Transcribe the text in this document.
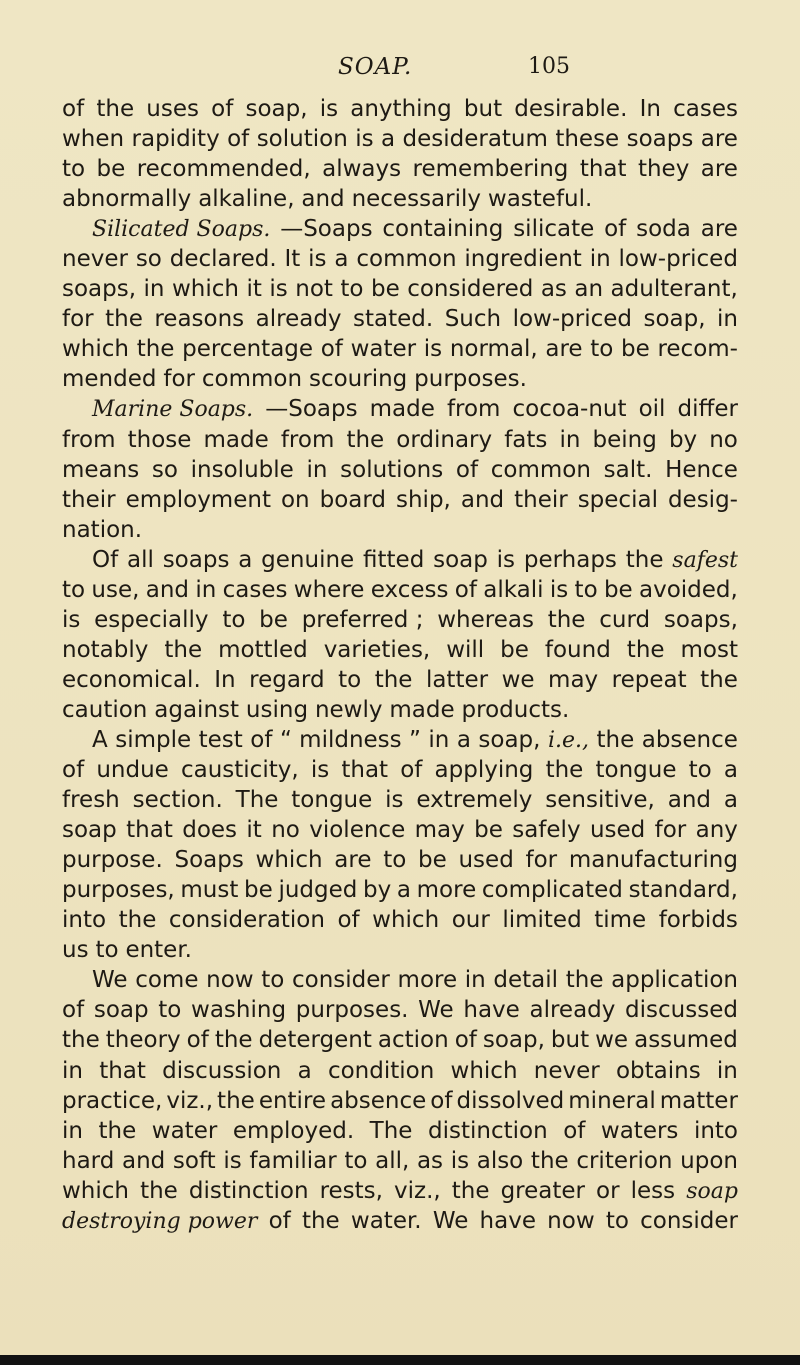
SOAP.	105
of the uses of soap, is anything but desirable. In cases
when rapidity of solution is a desideratum these soaps are
to be recommended, always remembering that they are
abnormally alkaline, and necessarily wasteful.
Silicated Soaps. —Soaps containing silicate of soda are
never so declared. It is a common ingredient in low-priced
soaps, in which it is not to be considered as an adulterant,
for the reasons already stated. Such low-priced soap, in
which the percentage of water is normal, are to be recom-
mended for common scouring purposes.
Marine Soaps. —Soaps made from cocoa-nut oil differ
from those made from the ordinary fats in being by no
means so insoluble in solutions of common salt. Hence
their employment on board ship, and their special desig-
nation.
Of all soaps a genuine fitted soap is perhaps the safest
to use, and in cases where excess of alkali is to be avoided,
is especially to be preferred ; whereas the curd soaps,
notably the mottled varieties, will be found the most
economical. In regard to the latter we may repeat the
caution against using newly made products.
A simple test of “ mildness ” in a soap, i.e., the absence
of undue causticity, is that of applying the tongue to a
fresh section. The tongue is extremely sensitive, and a
soap that does it no violence may be safely used for any
purpose. Soaps which are to be used for manufacturing
purposes, must be judged by a more complicated standard,
into the consideration of which our limited time forbids
us to enter.
We come now to consider more in detail the application
of soap to washing purposes. We have already discussed
the theory of the detergent action of soap, but we assumed
in that discussion a condition which never obtains in
practice, viz., the entire absence of dissolved mineral matter
in the water employed. The distinction of waters into
hard and soft is familiar to all, as is also the criterion upon
which the distinction rests, viz., the greater or less soap
destroying power of the water. We have now to consider
